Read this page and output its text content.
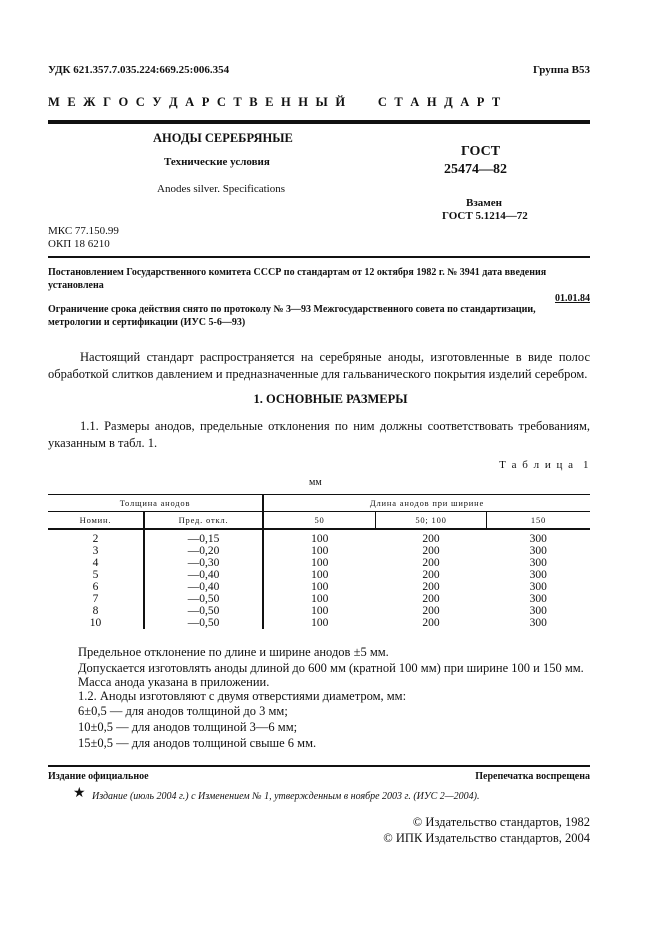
УДК 621.357.7.035.224:669.25:006.354	Группа В53
М Е Ж Г О С У Д А Р С Т В Е Н Н Ы Й     С Т А Н Д А Р Т
АНОДЫ СЕРЕБРЯНЫЕ
Технические условия
Anodes silver. Specifications
ГОСТ
25474—82
Взамен
ГОСТ 5.1214—72
МКС 77.150.99
ОКП 18 6210
Постановлением Государственного комитета СССР по стандартам от 12 октября 1982 г. № 3941 дата введения
установлена
01.01.84
Ограничение срока действия снято по протоколу № 3—93 Межгосударственного совета по стандартизации,
метрологии и сертификации (ИУС 5-6—93)
Настоящий стандарт распространяется на серебряные аноды, изготовленные в виде полос обработкой слитков давлением и предназначенные для гальванического покрытия изделий серебром.
1. ОСНОВНЫЕ РАЗМЕРЫ
1.1. Размеры анодов, предельные отклонения по ним должны соответствовать требованиям, указанным в табл. 1.
Т а б л и ц а  1
мм
Толщина анодов		Длина анодов при ширине		
Номин.	Пред. откл.	50	50; 100	150
2	—0,15	100	200	300
3	—0,20	100	200	300
4	—0,30	100	200	300
5	—0,40	100	200	300
6	—0,40	100	200	300
7	—0,50	100	200	300
8	—0,50	100	200	300
10	—0,50	100	200	300
Предельное отклонение по длине и ширине анодов ±5 мм.
Допускается изготовлять аноды длиной до 600 мм (кратной 100 мм) при ширине 100 и 150 мм.
Масса анода указана в приложении.
1.2. Аноды изготовляют с двумя отверстиями диаметром, мм:
6±0,5 — для анодов толщиной до 3 мм;
10±0,5 — для анодов толщиной 3—6 мм;
15±0,5 — для анодов толщиной свыше 6 мм.
Издание официальное	Перепечатка воспрещена
★ Издание (июль 2004 г.) с Изменением № 1, утвержденным в ноябре 2003 г. (ИУС 2—2004).
© Издательство стандартов, 1982
© ИПК Издательство стандартов, 2004
